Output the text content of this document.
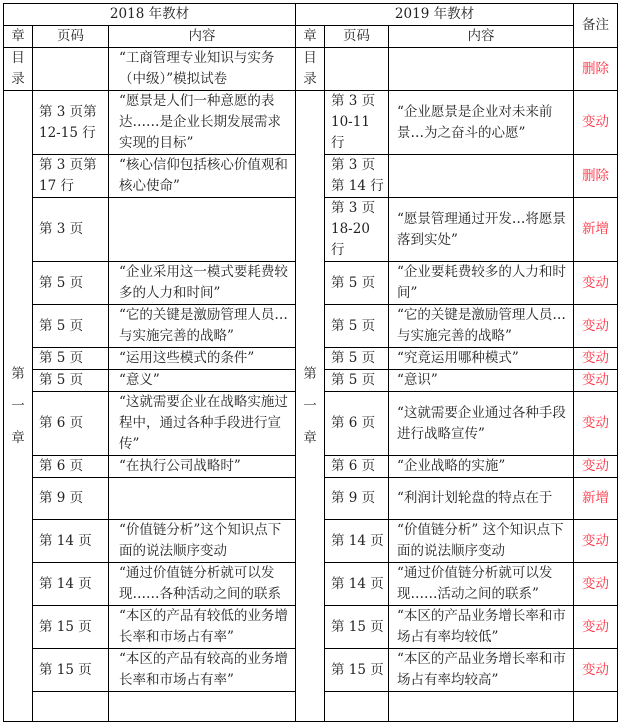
2018 年教材			2019 年教材			备注
章	页码	内容	章	页码	内容	

目录		“工商管理专业知识与实务（中级）”模拟试卷	目录			删除

第一章	第 3 页第 12-15 行	“愿景是人们一种意愿的表达……是企业长期发展需求实现的目标”	第一章	第 3 页 10-11 行	“企业愿景是企业对未来前景…为之奋斗的心愿”	变动
	第 3 页第 17 行	“核心信仰包括核心价值观和核心使命”		第 3 页 第 14 行		删除
	第 3 页			第 3 页 18-20 行	“愿景管理通过开发…将愿景落到实处”	新增
	第 5 页	“企业采用这一模式要耗费较多的人力和时间”		第 5 页	“企业要耗费较多的人力和时间”	变动
	第 5 页	“它的关键是激励管理人员…与实施完善的战略”		第 5 页	“它的关键是激励管理人员…与实施完善的战略”	变动
	第 5 页	“运用这些模式的条件”		第 5 页	“究竟运用哪种模式”	变动
	第 5 页	“意义”		第 5 页	“意识”	变动
	第 6 页	“这就需要企业在战略实施过程中，通过各种手段进行宣传”		第 6 页	“这就需要企业通过各种手段进行战略宣传”	变动
	第 6 页	“在执行公司战略时”		第 6 页	“企业战略的实施”	变动
	第 9 页			第 9 页	“利润计划轮盘的特点在于	新增
	第 14 页	“价值链分析”这个知识点下面的说法顺序变动		第 14 页	“价值链分析” 这个知识点下面的说法顺序变动	变动
	第 14 页	“通过价值链分析就可以发现……各种活动之间的联系		第 14 页	“通过价值链分析就可以发现……活动之间的联系”	变动
	第 15 页	“本区的产品有较低的业务增长率和市场占有率”		第 15 页	“本区的产品业务增长率和市场占有率均较低”	变动
	第 15 页	“本区的产品有较高的业务增长率和市场占有率”		第 15 页	“本区的产品业务增长率和市场占有率均较高”	变动
